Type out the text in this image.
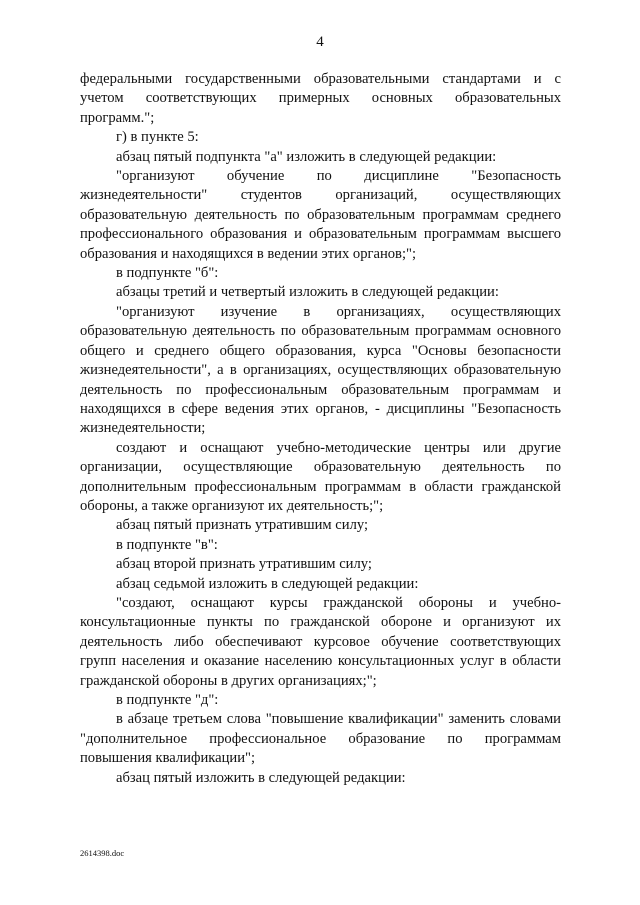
4

федеральными государственными образовательными стандартами и с учетом соответствующих примерных основных образовательных программ.";

г) в пункте 5:

абзац пятый подпункта "а" изложить в следующей редакции:

"организуют обучение по дисциплине "Безопасность жизнедеятельности" студентов организаций, осуществляющих образовательную деятельность по образовательным программам среднего профессионального образования и образовательным программам высшего образования и находящихся в ведении этих органов;";

в подпункте "б":

абзацы третий и четвертый изложить в следующей редакции:

"организуют изучение в организациях, осуществляющих образовательную деятельность по образовательным программам основного общего и среднего общего образования, курса "Основы безопасности жизнедеятельности", а в организациях, осуществляющих образовательную деятельность по профессиональным образовательным программам и находящихся в сфере ведения этих органов, - дисциплины "Безопасность жизнедеятельности;

создают и оснащают учебно-методические центры или другие организации, осуществляющие образовательную деятельность по дополнительным профессиональным программам в области гражданской обороны, а также организуют их деятельность;";

абзац пятый признать утратившим силу;

в подпункте "в":

абзац второй признать утратившим силу;

абзац седьмой изложить в следующей редакции:

"создают, оснащают курсы гражданской обороны и учебно-консультационные пункты по гражданской обороне и организуют их деятельность либо обеспечивают курсовое обучение соответствующих групп населения и оказание населению консультационных услуг в области гражданской обороны в других организациях;";

в подпункте "д":

в абзаце третьем слова "повышение квалификации" заменить словами "дополнительное профессиональное образование по программам повышения квалификации";

абзац пятый изложить в следующей редакции:

2614398.doc
